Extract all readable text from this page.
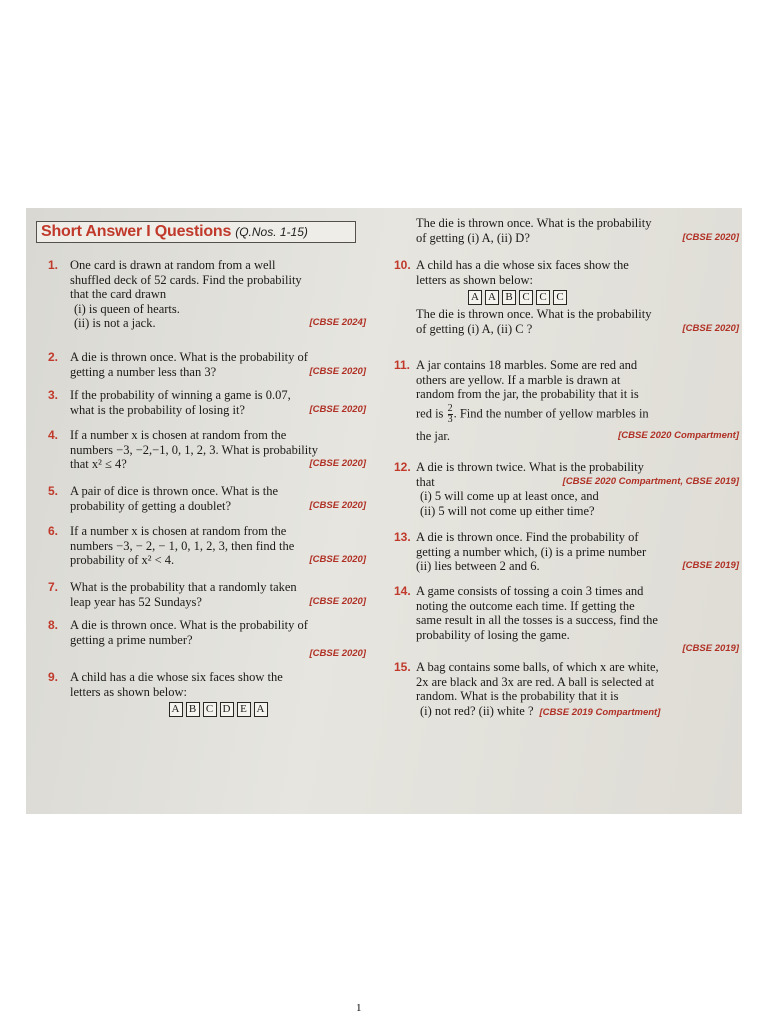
Short Answer I Questions (Q.Nos. 1-15)
1. One card is drawn at random from a well
shuffled deck of 52 cards. Find the probability
that the card drawn
(i) is queen of hearts.
(ii) is not a jack.	[CBSE 2024]
2. A die is thrown once. What is the probability of
getting a number less than 3?	[CBSE 2020]
3. If the probability of winning a game is 0.07,
what is the probability of losing it?	[CBSE 2020]
4. If a number x is chosen at random from the
numbers −3, −2,−1, 0, 1, 2, 3. What is probability
that x² ≤ 4?	[CBSE 2020]
5. A pair of dice is thrown once. What is the
probability of getting a doublet?	[CBSE 2020]
6. If a number x is chosen at random from the
numbers −3, − 2, − 1, 0, 1, 2, 3, then find the
probability of x² < 4.	[CBSE 2020]
7. What is the probability that a randomly taken
leap year has 52 Sundays?	[CBSE 2020]
8. A die is thrown once. What is the probability of
getting a prime number?
[CBSE 2020]
9. A child has a die whose six faces show the
letters as shown below:
A B C D E A
The die is thrown once. What is the probability
of getting (i) A, (ii) D?	[CBSE 2020]
10. A child has a die whose six faces show the
letters as shown below:
A A B C C C
The die is thrown once. What is the probability
of getting (i) A, (ii) C ?	[CBSE 2020]
11. A jar contains 18 marbles. Some are red and
others are yellow. If a marble is drawn at
random from the jar, the probability that it is
red is $\frac{2}{3}$ . Find the number of yellow marbles in
the jar.	[CBSE 2020 Compartment]
12. A die is thrown twice. What is the probability
that	[CBSE 2020 Compartment, CBSE 2019]
(i) 5 will come up at least once, and
(ii) 5 will not come up either time?
13. A die is thrown once. Find the probability of
getting a number which, (i) is a prime number
(ii) lies between 2 and 6.	[CBSE 2019]
14. A game consists of tossing a coin 3 times and
noting the outcome each time. If getting the
same result in all the tosses is a success, find the
probability of losing the game.
[CBSE 2019]
15. A bag contains some balls, of which x are white,
2x are black and 3x are red. A ball is selected at
random. What is the probability that it is
(i) not red? (ii) white ? [CBSE 2019 Compartment]
1
